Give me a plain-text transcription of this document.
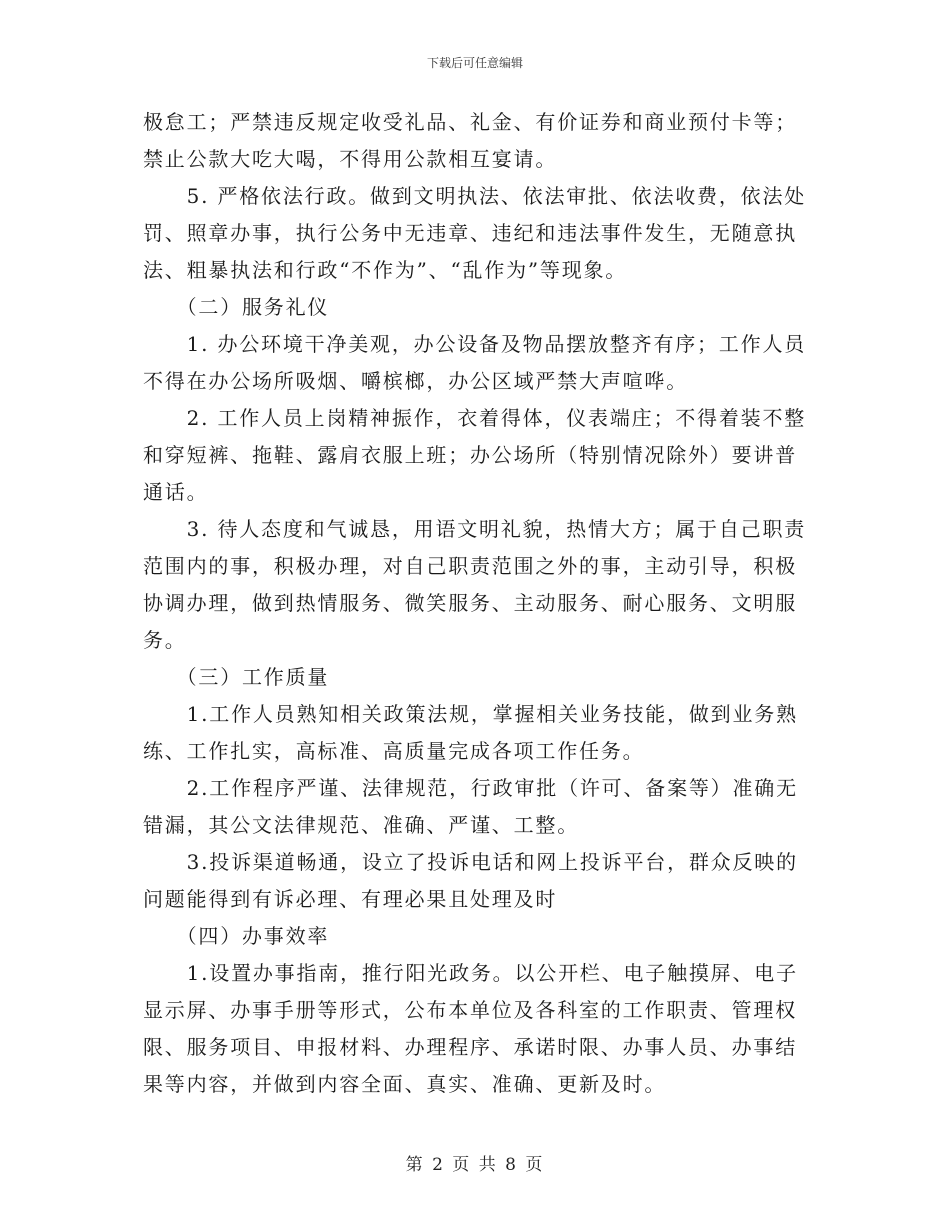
下载后可任意编辑
极怠工；严禁违反规定收受礼品、礼金、有价证券和商业预付卡等；
禁止公款大吃大喝，不得用公款相互宴请。
　　5. 严格依法行政。做到文明执法、依法审批、依法收费，依法处
罚、照章办事，执行公务中无违章、违纪和违法事件发生，无随意执
法、粗暴执法和行政“不作为”、“乱作为”等现象。
　　（二）服务礼仪
　　1. 办公环境干净美观，办公设备及物品摆放整齐有序；工作人员
不得在办公场所吸烟、嚼槟榔，办公区域严禁大声喧哗。
　　2. 工作人员上岗精神振作，衣着得体，仪表端庄；不得着装不整
和穿短裤、拖鞋、露肩衣服上班；办公场所（特别情况除外）要讲普
通话。
　　3. 待人态度和气诚恳，用语文明礼貌，热情大方；属于自己职责
范围内的事，积极办理，对自己职责范围之外的事，主动引导，积极
协调办理，做到热情服务、微笑服务、主动服务、耐心服务、文明服
务。
　　（三）工作质量
　　1.工作人员熟知相关政策法规，掌握相关业务技能，做到业务熟
练、工作扎实，高标准、高质量完成各项工作任务。
　　2.工作程序严谨、法律规范，行政审批（许可、备案等）准确无
错漏，其公文法律规范、准确、严谨、工整。
　　3.投诉渠道畅通，设立了投诉电话和网上投诉平台，群众反映的
问题能得到有诉必理、有理必果且处理及时
　　（四）办事效率
　　1.设置办事指南，推行阳光政务。以公开栏、电子触摸屏、电子
显示屏、办事手册等形式，公布本单位及各科室的工作职责、管理权
限、服务项目、申报材料、办理程序、承诺时限、办事人员、办事结
果等内容，并做到内容全面、真实、准确、更新及时。
第 2 页 共 8 页
